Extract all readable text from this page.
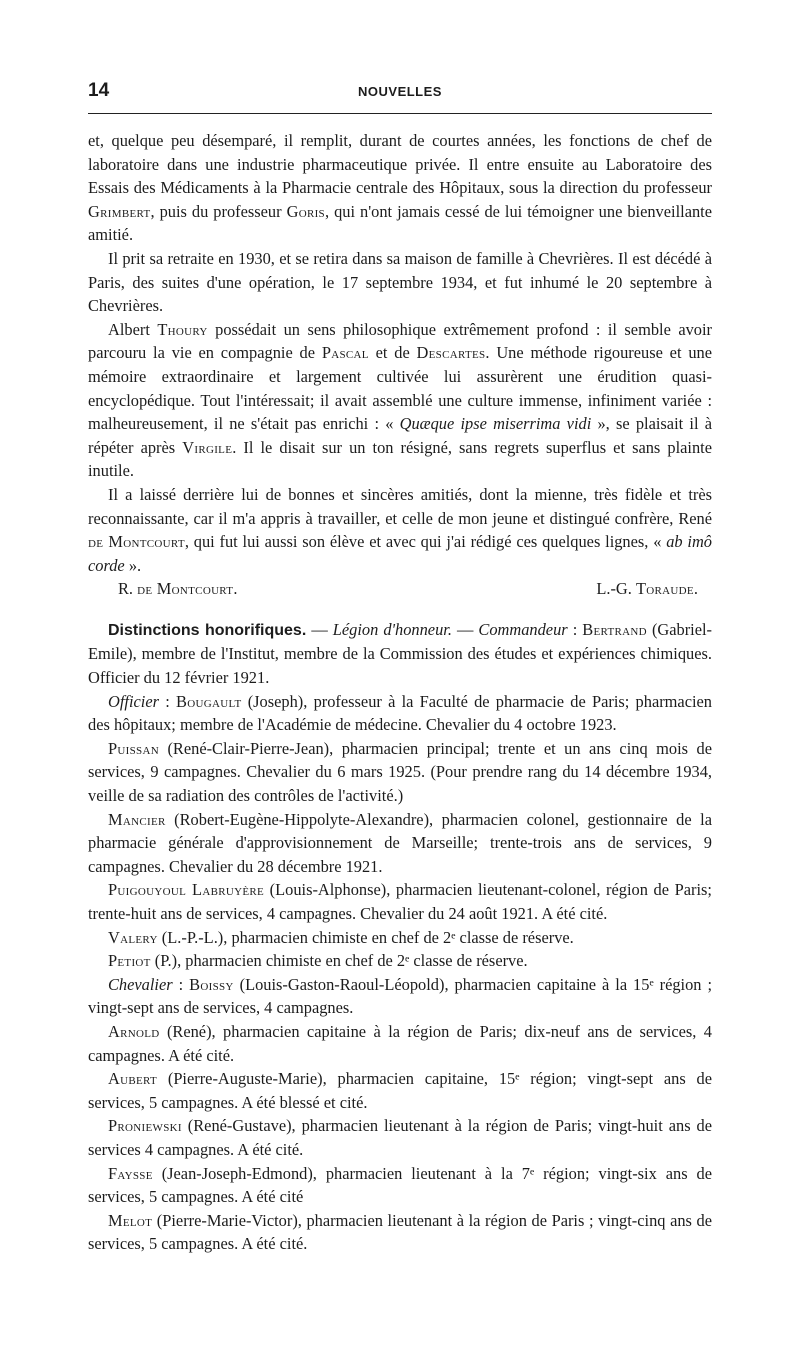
14	NOUVELLES

et, quelque peu désemparé, il remplit, durant de courtes années, les fonctions de chef de laboratoire dans une industrie pharmaceutique privée. Il entre ensuite au Laboratoire des Essais des Médicaments à la Pharmacie centrale des Hôpitaux, sous la direction du professeur Grimbert, puis du professeur Goris, qui n'ont jamais cessé de lui témoigner une bienveillante amitié.

Il prit sa retraite en 1930, et se retira dans sa maison de famille à Chevrières. Il est décédé à Paris, des suites d'une opération, le 17 septembre 1934, et fut inhumé le 20 septembre à Chevrières.

Albert Thoury possédait un sens philosophique extrêmement profond : il semble avoir parcouru la vie en compagnie de Pascal et de Descartes. Une méthode rigoureuse et une mémoire extraordinaire et largement cultivée lui assurèrent une érudition quasi-encyclopédique. Tout l'intéressait; il avait assemblé une culture immense, infiniment variée : malheureusement, il ne s'était pas enrichi : « Quæque ipse miserrima vidi », se plaisait il à répéter après Virgile. Il le disait sur un ton résigné, sans regrets superflus et sans plainte inutile.

Il a laissé derrière lui de bonnes et sincères amitiés, dont la mienne, très fidèle et très reconnaissante, car il m'a appris à travailler, et celle de mon jeune et distingué confrère, René de Montcourt, qui fut lui aussi son élève et avec qui j'ai rédigé ces quelques lignes, « ab imô corde ».

R. de Montcourt.	L.-G. Toraude.

Distinctions honorifiques. — Légion d'honneur. — Commandeur : Bertrand (Gabriel-Emile), membre de l'Institut, membre de la Commission des études et expériences chimiques. Officier du 12 février 1921.

Officier : Bougault (Joseph), professeur à la Faculté de pharmacie de Paris; pharmacien des hôpitaux; membre de l'Académie de médecine. Chevalier du 4 octobre 1923.

Puissan (René-Clair-Pierre-Jean), pharmacien principal; trente et un ans cinq mois de services, 9 campagnes. Chevalier du 6 mars 1925. (Pour prendre rang du 14 décembre 1934, veille de sa radiation des contrôles de l'activité.)

Mancier (Robert-Eugène-Hippolyte-Alexandre), pharmacien colonel, gestionnaire de la pharmacie générale d'approvisionnement de Marseille; trente-trois ans de services, 9 campagnes. Chevalier du 28 décembre 1921.

Puigouyoul Labruyère (Louis-Alphonse), pharmacien lieutenant-colonel, région de Paris; trente-huit ans de services, 4 campagnes. Chevalier du 24 août 1921. A été cité.

Valery (L.-P.-L.), pharmacien chimiste en chef de 2ᵉ classe de réserve.

Petiot (P.), pharmacien chimiste en chef de 2ᵉ classe de réserve.

Chevalier : Boissy (Louis-Gaston-Raoul-Léopold), pharmacien capitaine à la 15ᵉ région ; vingt-sept ans de services, 4 campagnes.

Arnold (René), pharmacien capitaine à la région de Paris; dix-neuf ans de services, 4 campagnes. A été cité.

Aubert (Pierre-Auguste-Marie), pharmacien capitaine, 15ᵉ région; vingt-sept ans de services, 5 campagnes. A été blessé et cité.

Proniewski (René-Gustave), pharmacien lieutenant à la région de Paris; vingt-huit ans de services 4 campagnes. A été cité.

Faysse (Jean-Joseph-Edmond), pharmacien lieutenant à la 7ᵉ région; vingt-six ans de services, 5 campagnes. A été cité

Melot (Pierre-Marie-Victor), pharmacien lieutenant à la région de Paris ; vingt-cinq ans de services, 5 campagnes. A été cité.
